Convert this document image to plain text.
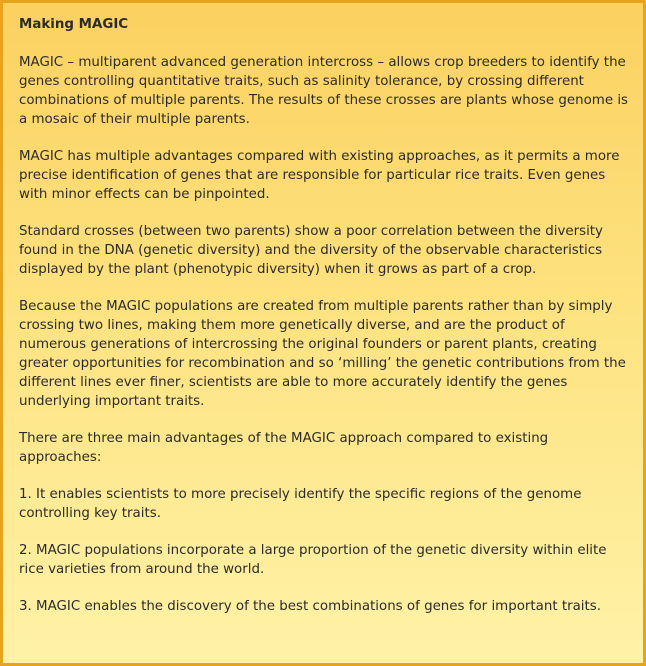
Making MAGIC

MAGIC – multiparent advanced generation intercross – allows crop breeders to identify the genes controlling quantitative traits, such as salinity tolerance, by crossing different combinations of multiple parents. The results of these crosses are plants whose genome is a mosaic of their multiple parents.

MAGIC has multiple advantages compared with existing approaches, as it permits a more precise identification of genes that are responsible for particular rice traits. Even genes with minor effects can be pinpointed.

Standard crosses (between two parents) show a poor correlation between the diversity found in the DNA (genetic diversity) and the diversity of the observable characteristics displayed by the plant (phenotypic diversity) when it grows as part of a crop.

Because the MAGIC populations are created from multiple parents rather than by simply crossing two lines, making them more genetically diverse, and are the product of numerous generations of intercrossing the original founders or parent plants, creating greater opportunities for recombination and so ‘milling’ the genetic contributions from the different lines ever finer, scientists are able to more accurately identify the genes underlying important traits.

There are three main advantages of the MAGIC approach compared to existing approaches:

1. It enables scientists to more precisely identify the specific regions of the genome controlling key traits.

2. MAGIC populations incorporate a large proportion of the genetic diversity within elite rice varieties from around the world.

3. MAGIC enables the discovery of the best combinations of genes for important traits.
